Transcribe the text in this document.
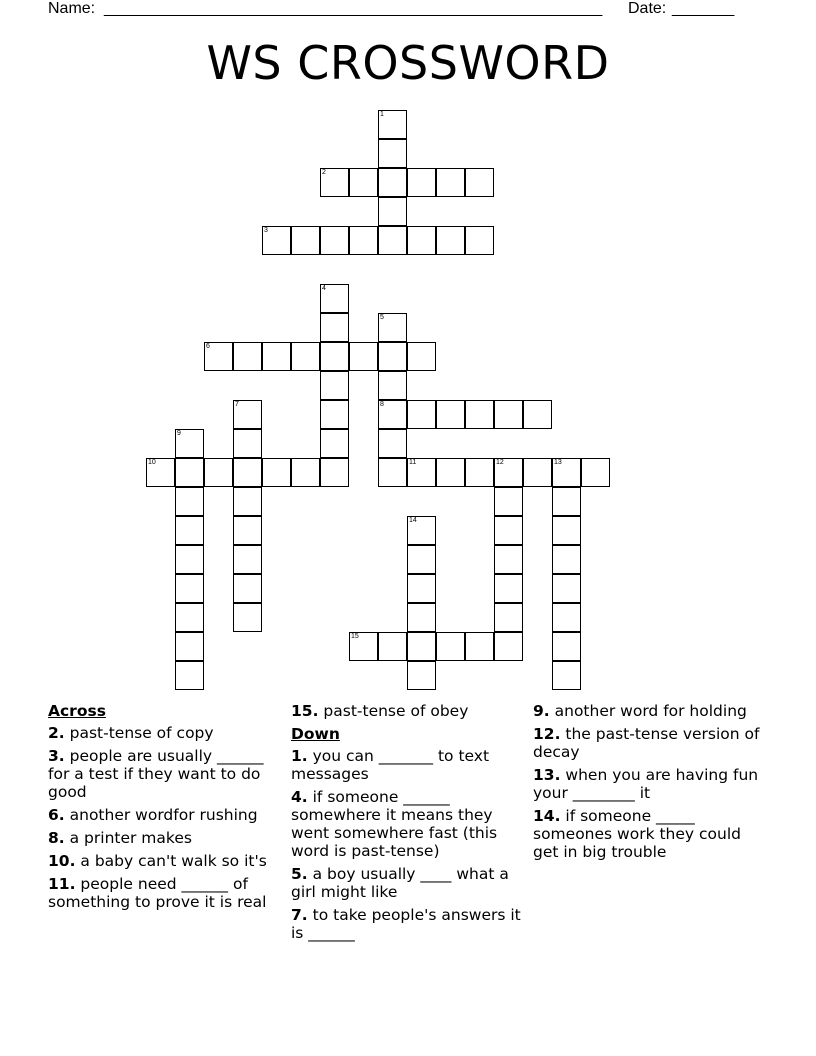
Name: ________________________________________________________ Date: _______
WS CROSSWORD
1
2
3
4
5
8
6
7
9
10	11	12	13
14
15
Across
2. past-tense of copy
3. people are usually ______ for a test if they want to do good
6. another wordfor rushing
8. a printer makes
10. a baby can't walk so it's
11. people need ______ of something to prove it is real
15. past-tense of obey
Down
1. you can _______ to text messages
4. if someone ______ somewhere it means they went somewhere fast (this word is past-tense)
5. a boy usually ____ what a girl might like
7. to take people's answers it is ______
9. another word for holding
12. the past-tense version of decay
13. when you are having fun your ________ it
14. if someone _____ someones work they could get in big trouble
